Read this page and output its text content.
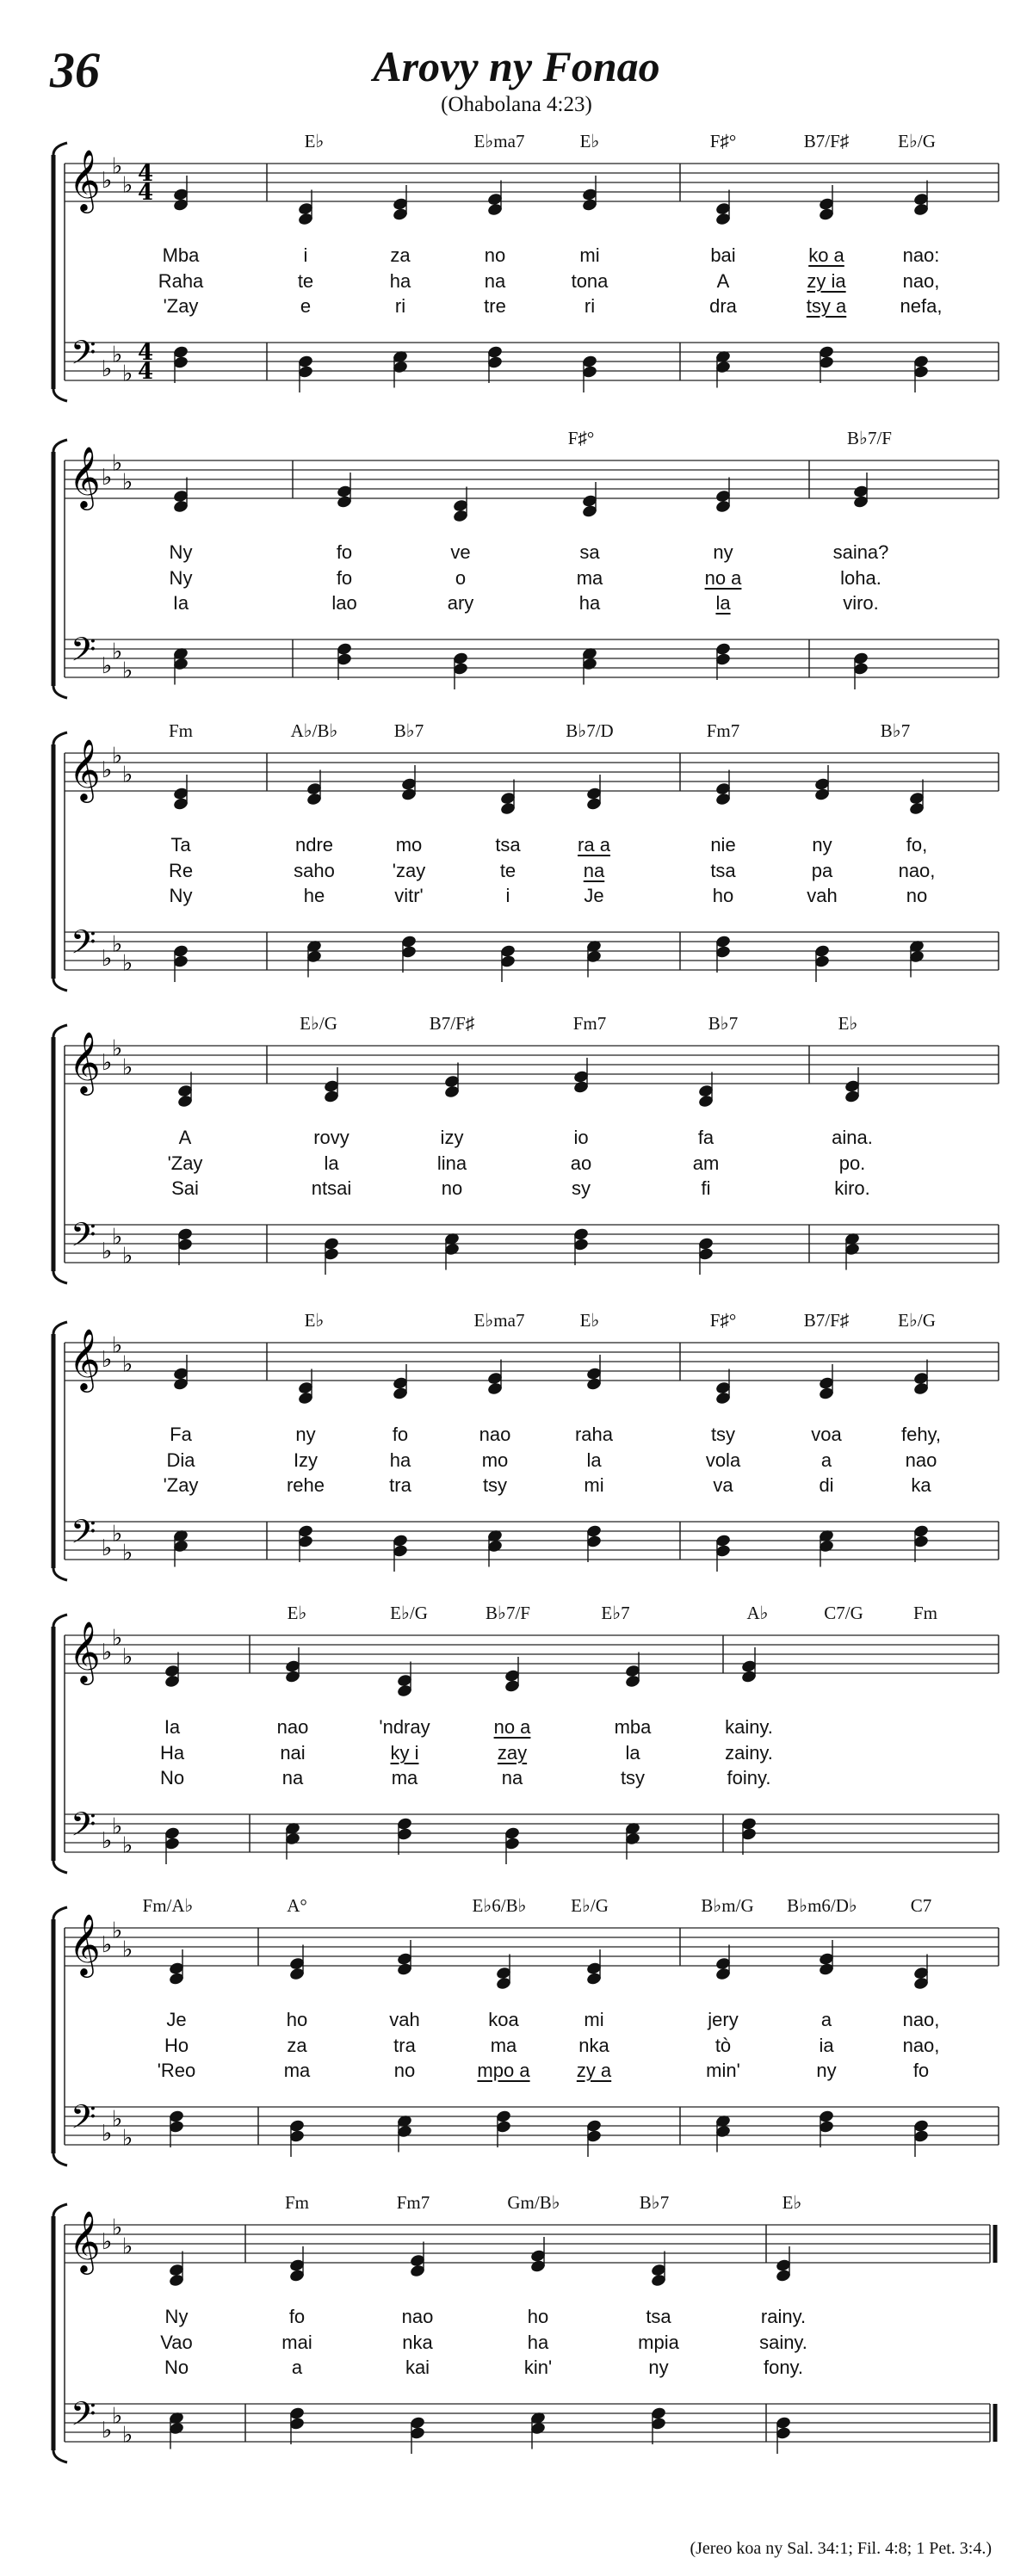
36	Arovy ny Fonao
(Ohabolana 4:23)
𝄞
𝄢
♭
♭
♭
♭
♭
♭
4
4
4
4
E♭	E♭ma7	E♭	F♯°	B7/F♯	E♭/G
Mba	i	za	no	mi	bai	ko a	nao:
Raha	te	ha	na	tona	A	zy ia	nao,
'Zay	e	ri	tre	ri	dra	tsy a	nefa,
𝄞
𝄢
♭
♭
♭
♭
♭
♭
F♯°	B♭7/F
Ny	fo	ve	sa	ny	saina?
Ny	fo	o	ma	no a	loha.
Ia	lao	ary	ha	la	viro.
𝄞
𝄢
♭
♭
♭
♭
♭
♭
Fm	A♭/B♭	B♭7	B♭7/D	Fm7	B♭7
Ta	ndre	mo	tsa	ra a	nie	ny	fo,
Re	saho	'zay	te	na	tsa	pa	nao,
Ny	he	vitr'	i	Je	ho	vah	no
𝄞
𝄢
♭
♭
♭
♭
♭
♭
E♭/G	B7/F♯	Fm7	B♭7	E♭
A	rovy	izy	io	fa	aina.
'Zay	la	lina	ao	am	po.
Sai	ntsai	no	sy	fi	kiro.
𝄞
𝄢
♭
♭
♭
♭
♭
♭
E♭	E♭ma7	E♭	F♯°	B7/F♯	E♭/G
Fa	ny	fo	nao	raha	tsy	voa	fehy,
Dia	Izy	ha	mo	la	vola	a	nao
'Zay	rehe	tra	tsy	mi	va	di	ka
𝄞
𝄢
♭
♭
♭
♭
♭
♭
E♭	E♭/G	B♭7/F	E♭7	A♭	C7/G	Fm
Ia	nao	'ndray	no a	mba	kainy.
Ha	nai	ky i	zay	la	zainy.
No	na	ma	na	tsy	foiny.
𝄞
𝄢
♭
♭
♭
♭
♭
♭
Fm/A♭	A°	E♭6/B♭ E♭/G	B♭m/G B♭m6/D♭	C7
Je	ho	vah	koa	mi	jery	a	nao,
Ho	za	tra	ma	nka	tò	ia	nao,
'Reo	ma	no	mpo a zy a	min'	ny	fo
𝄞
𝄢
♭
♭
♭
♭
♭
♭
Fm	Fm7	Gm/B♭	B♭7	E♭
Ny	fo	nao	ho	tsa	rainy.
Vao	mai	nka	ha	mpia	sainy.
No	a	kai	kin'	ny	fony.
(Jereo koa ny Sal. 34:1; Fil. 4:8; 1 Pet. 3:4.)
